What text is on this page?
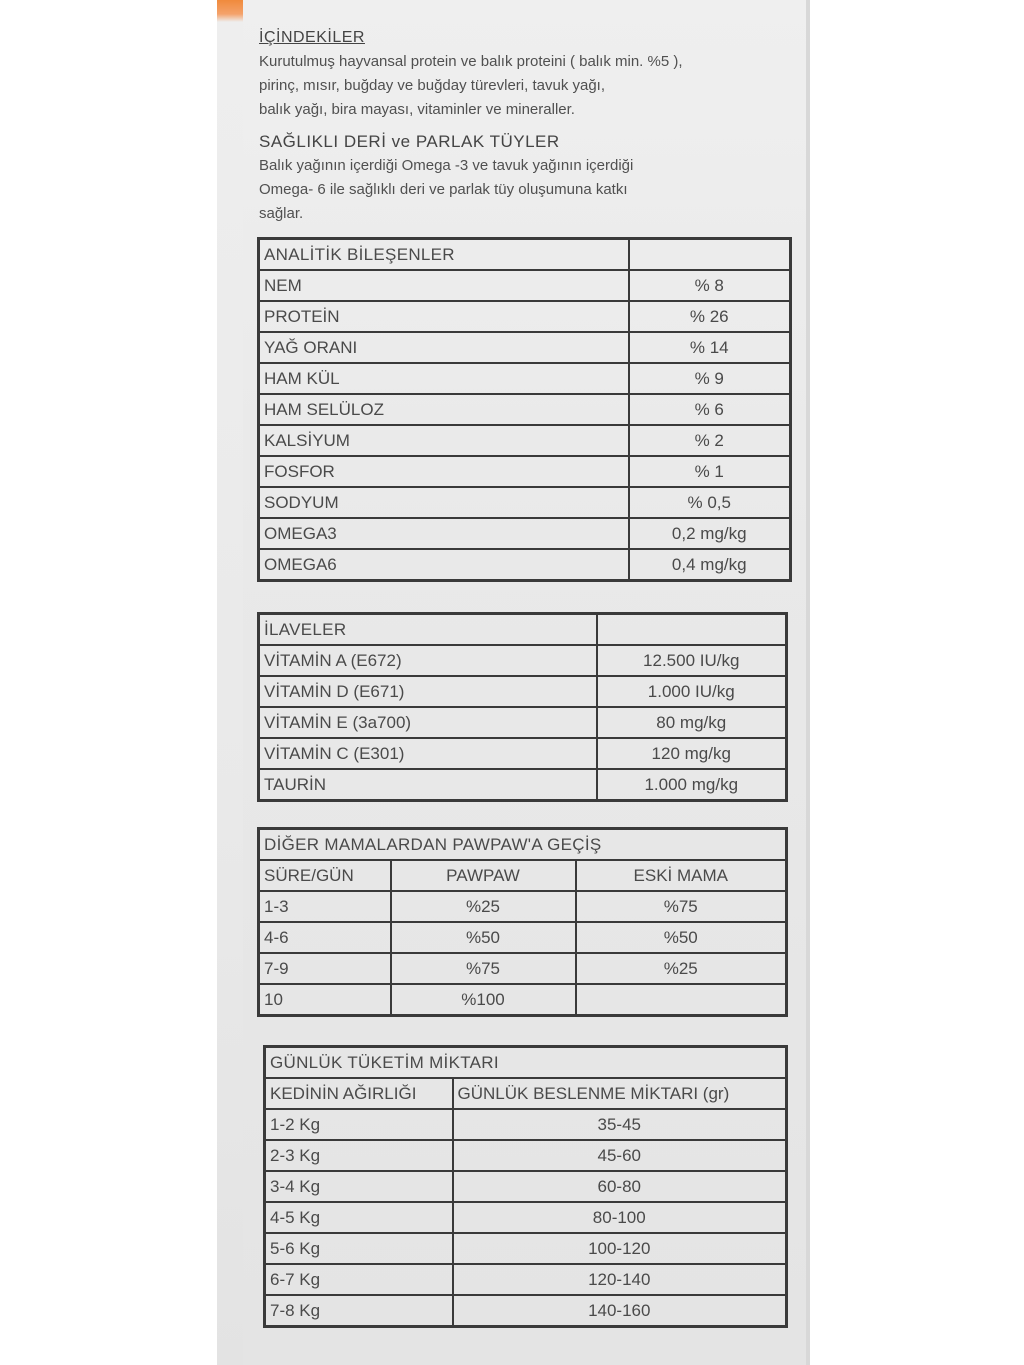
İÇİNDEKİLER

Kurutulmuş hayvansal protein ve balık proteini ( balık min. %5 ),

pirinç, mısır, buğday ve buğday türevleri, tavuk yağı,

balık yağı, bira mayası, vitaminler ve mineraller.

SAĞLIKLI DERİ ve PARLAK TÜYLER

Balık yağının içerdiği Omega -3 ve tavuk yağının içerdiği

Omega- 6 ile sağlıklı deri ve parlak tüy oluşumuna katkı

sağlar.

ANALİTİK BİLEŞENLER	
NEM	% 8
PROTEİN	% 26
YAĞ ORANI	% 14
HAM KÜL	% 9
HAM SELÜLOZ	% 6
KALSİYUM	% 2
FOSFOR	% 1
SODYUM	% 0,5
OMEGA3	0,2 mg/kg
OMEGA6	0,4 mg/kg
İLAVELER	
VİTAMİN A (E672)	12.500 IU/kg
VİTAMİN D (E671)	1.000 IU/kg
VİTAMİN E (3a700)	80 mg/kg
VİTAMİN C (E301)	120 mg/kg
TAURİN	1.000 mg/kg
DİĞER MAMALARDAN PAWPAW'A GEÇİŞ		
SÜRE/GÜN	PAWPAW	ESKİ MAMA
1-3	%25	%75
4-6	%50	%50
7-9	%75	%25
10	%100	
GÜNLÜK TÜKETİM MİKTARI	
KEDİNİN AĞIRLIĞI	GÜNLÜK BESLENME MİKTARI (gr)
1-2 Kg	35-45
2-3 Kg	45-60
3-4 Kg	60-80
4-5 Kg	80-100
5-6 Kg	100-120
6-7 Kg	120-140
7-8 Kg	140-160
